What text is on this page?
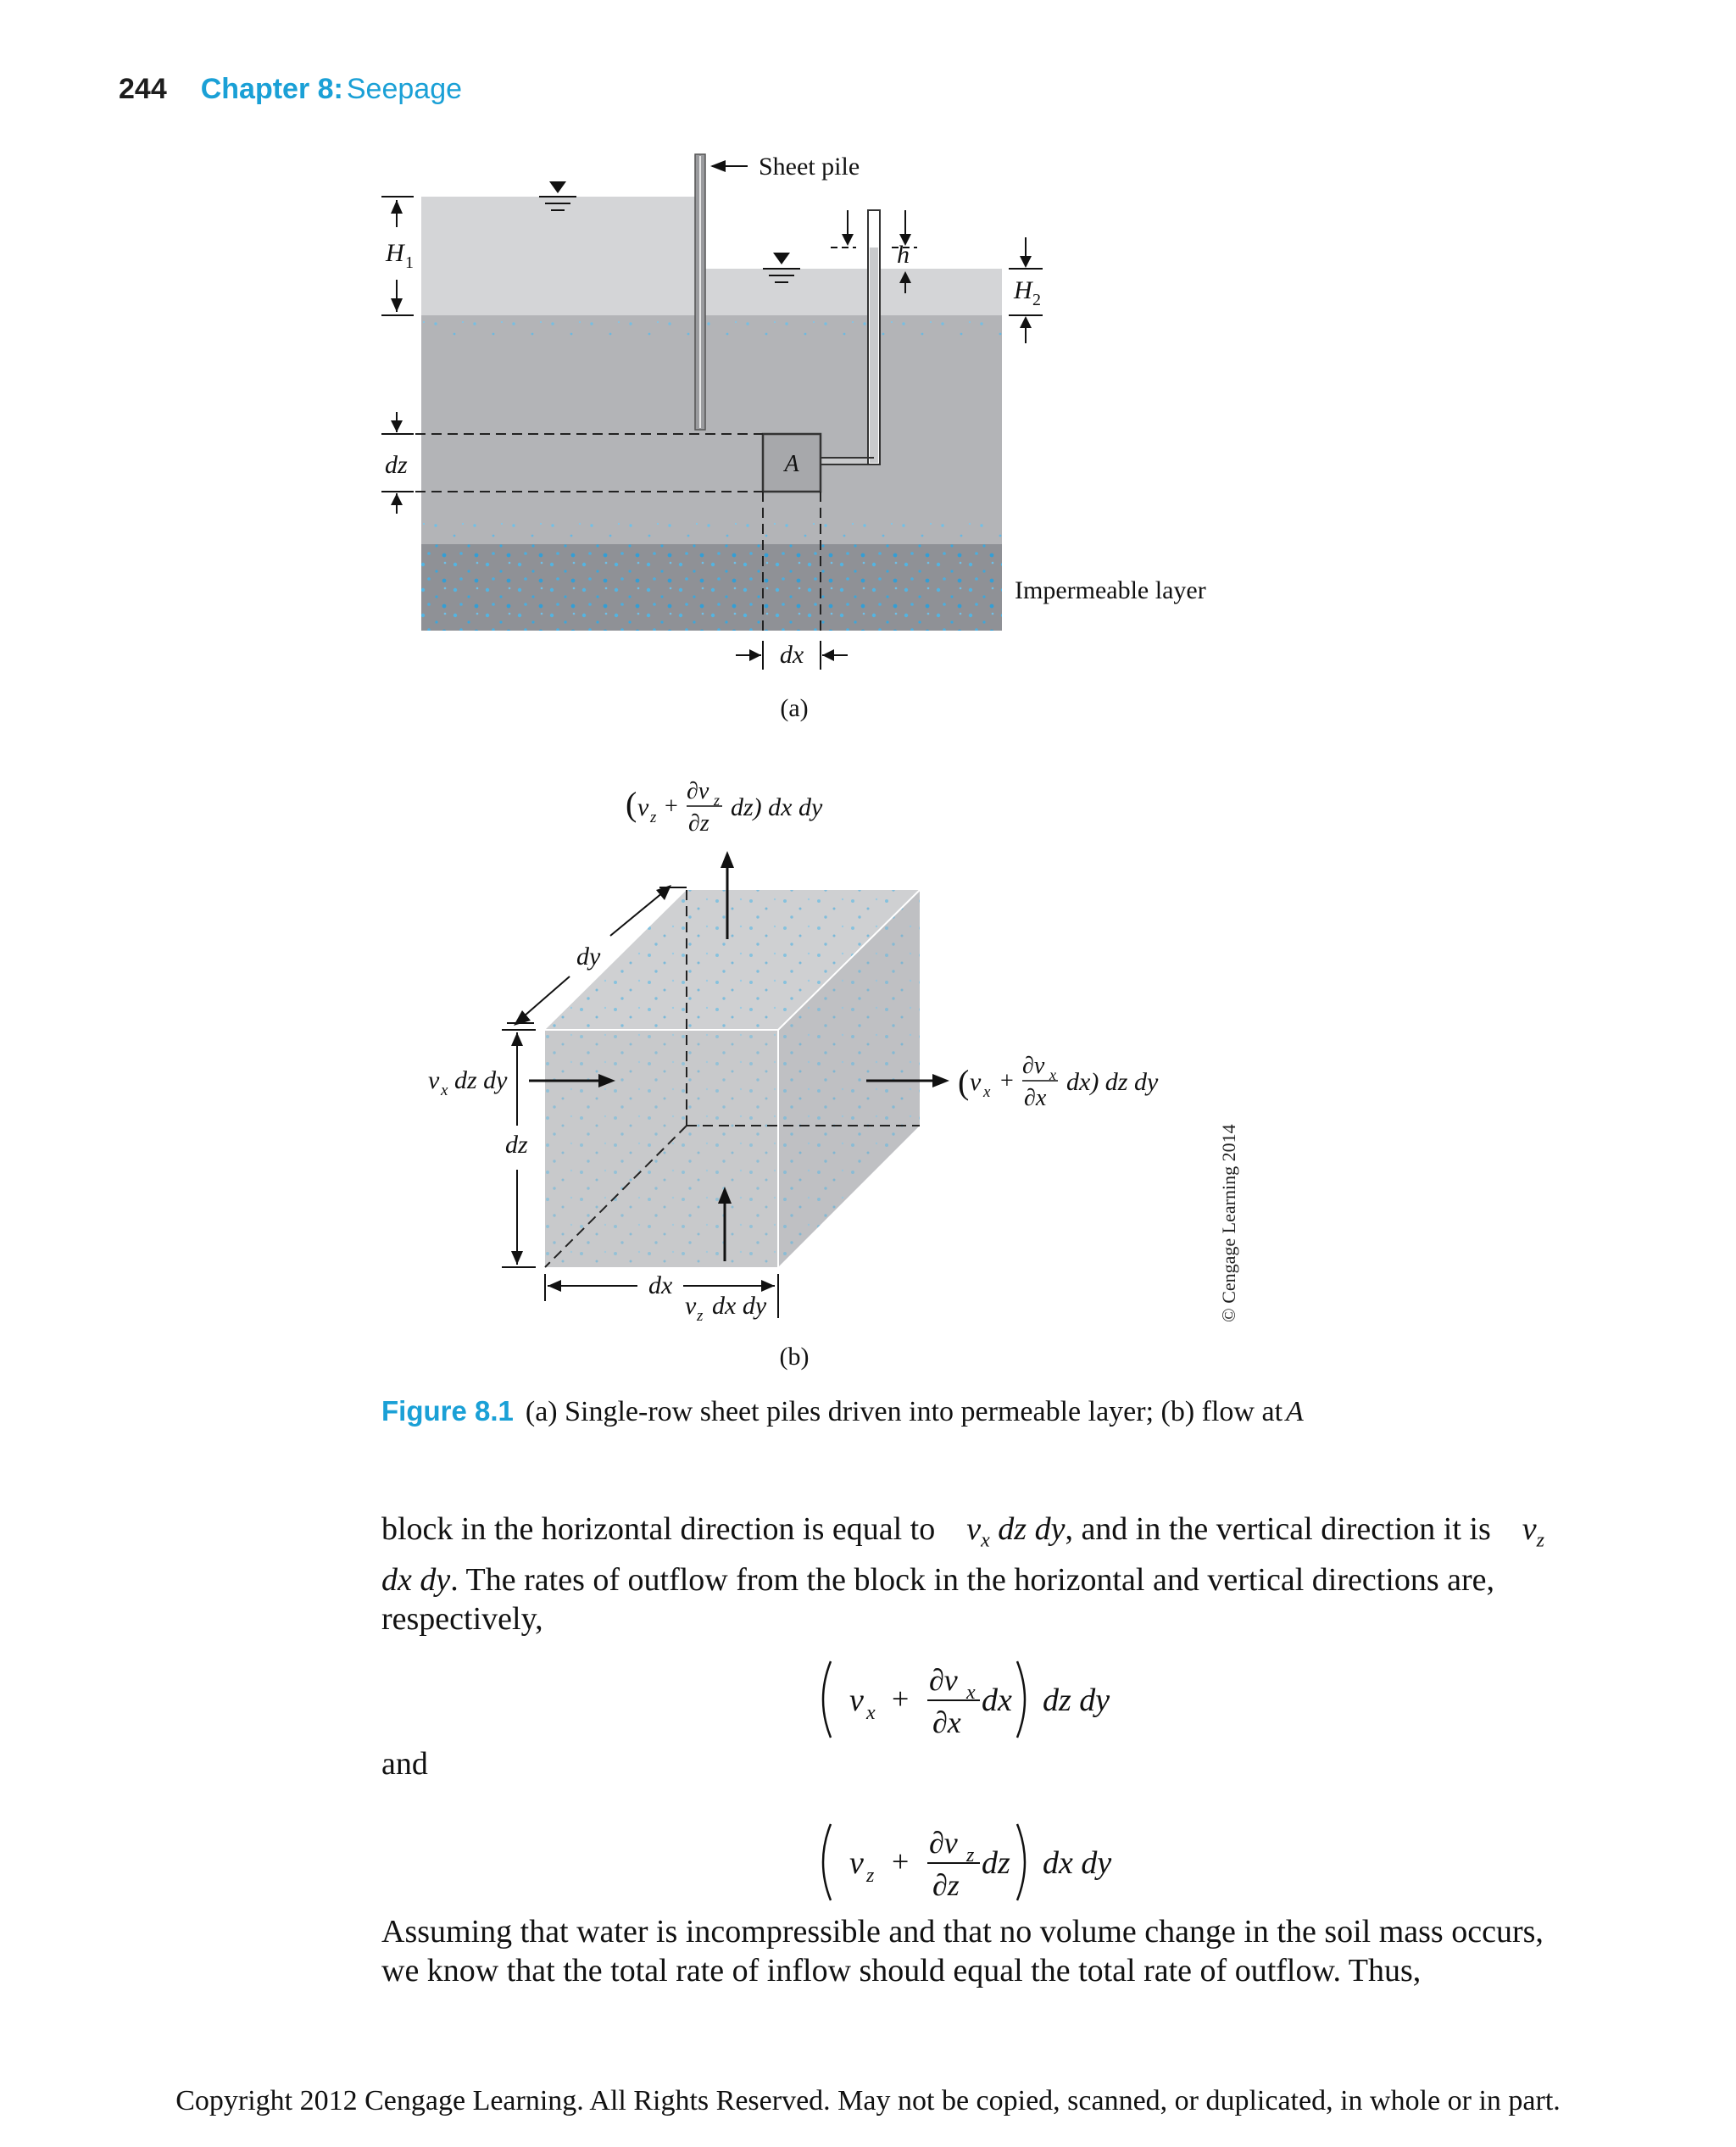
244 Chapter 8: Seepage
Sheet pile
A
H 1
dz
h
H 2
Impermeable layer
dx
(a)
( v z +
∂v z
∂z
dz) dx dy
dy
dz
v x dz dy	( v x +
∂v x
∂x
dx) dz dy
v z dx dy
dx
(b)
© Cengage Learning 2014
Figure 8.1 (a) Single-row sheet piles driven into permeable layer; (b) flow at A
block in the horizontal direction is equal to $v_x$ dz dy, and in the vertical direction it is $v_z$
dx dy. The rates of outflow from the block in the horizontal and vertical directions are,
respectively,
v x +
∂v x
∂x
dx dz dy
and
v z +
∂v z
∂z
dz dx dy
Assuming that water is incompressible and that no volume change in the soil mass occurs,
we know that the total rate of inflow should equal the total rate of outflow. Thus,
Copyright 2012 Cengage Learning. All Rights Reserved. May not be copied, scanned, or duplicated, in whole or in part.
